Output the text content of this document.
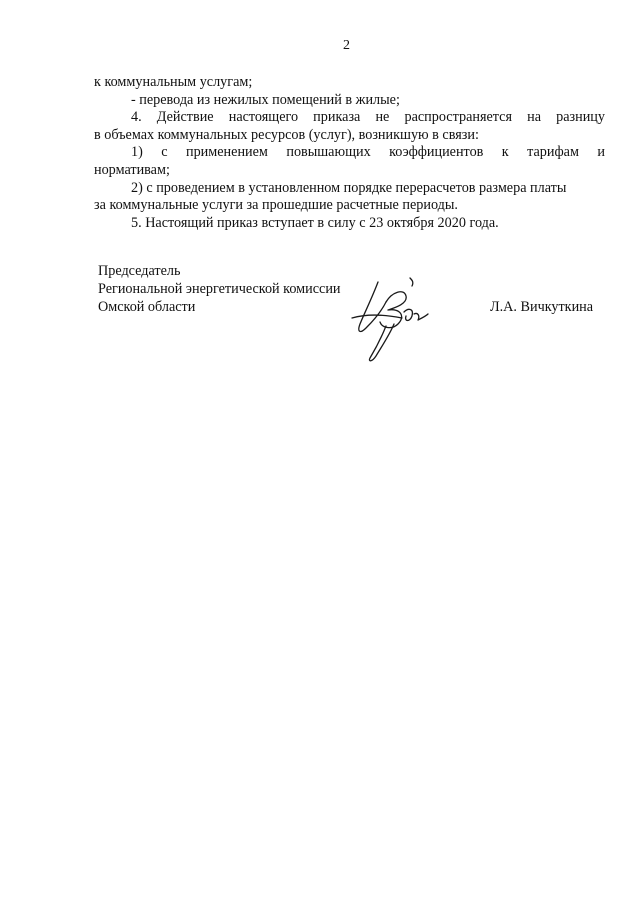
2
к коммунальным услугам;
- перевода из нежилых помещений в жилые;
4. Действие настоящего приказа не распространяется на разницу
в объемах коммунальных ресурсов (услуг), возникшую в связи:
1) с применением повышающих коэффициентов к тарифам и
нормативам;
2) с проведением в установленном порядке перерасчетов размера платы
за коммунальные услуги за прошедшие расчетные периоды.
5. Настоящий приказ вступает в силу с 23 октября 2020 года.
Председатель
Региональной энергетической комиссии
Омской области	Л.А. Вичкуткина
